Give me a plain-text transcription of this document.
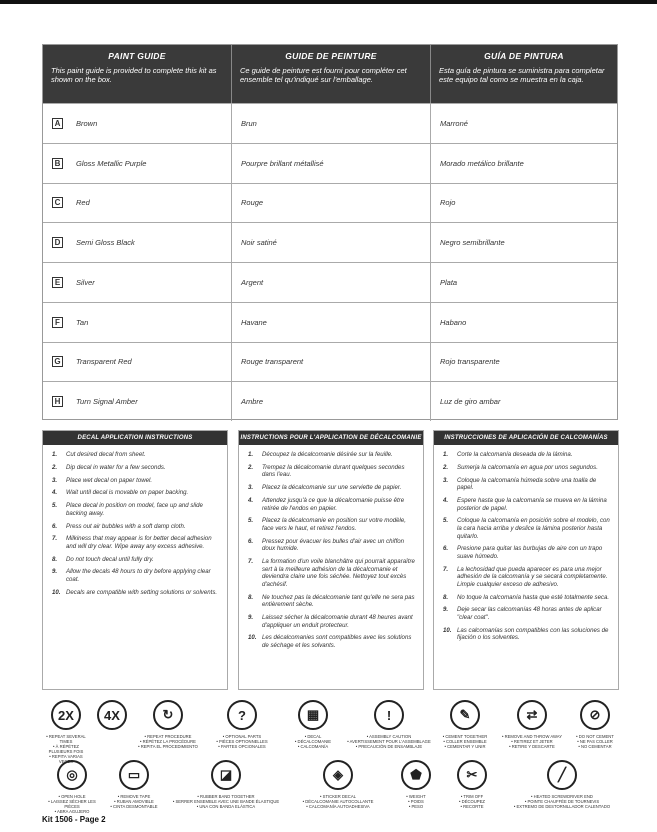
PAINT GUIDE
This paint guide is provided to complete this kit as shown on the box.
GUIDE DE PEINTURE
Ce guide de peinture est fourni pour compléter cet ensemble tel qu'indiqué sur l'emballage.
GUÍA DE PINTURA
Esta guía de pintura se suministra para completar este equipo tal como se muestra en la caja.
A	Brown	Brun	Marroné
B	Gloss Metallic Purple	Pourpre brillant métallisé	Morado metálico brillante
C	Red	Rouge	Rojo
D	Semi Gloss Black	Noir satiné	Negro semibrillante
E	Silver	Argent	Plata
F	Tan	Havane	Habano
G	Transparent Red	Rouge transparent	Rojo transparente
H	Turn Signal Amber	Ambre	Luz de giro ambar
DECAL APPLICATION INSTRUCTIONS
1.	Cut desired decal from sheet.
2.	Dip decal in water for a few seconds.
3.	Place wet decal on paper towel.
4.	Wait until decal is movable on paper backing.
5.	Place decal in position on model, face up and slide backing away.
6.	Press out air bubbles with a soft damp cloth.
7.	Milkiness that may appear is for better decal adhesion and will dry clear. Wipe away any excess adhesive.
8.	Do not touch decal until fully dry.
9.	Allow the decals 48 hours to dry before applying clear coat.
10. Decals are compatible with setting solutions or solvents.
INSTRUCTIONS POUR L'APPLICATION DE DÉCALCOMANIE
1.	Découpez la décalcomanie désirée sur la feuille.
2.	Trempez la décalcomanie durant quelques secondes dans l'eau.
3.	Placez la décalcomanie sur une serviette de papier.
4.	Attendez jusqu'à ce que la décalcomanie puisse être retirée de l'endos en papier.
5.	Placez la décalcomanie en position sur votre modèle, face vers le haut, et retirez l'endos.
6.	Pressez pour évacuer les bulles d'air avec un chiffon doux humide.
7.	La formation d'un voile blanchâtre qui pourrait apparaître sert à la meilleure adhésion de la décalcomanie et deviendra claire une fois séchée. Nettoyez tout excès d'achésif.
8.	Ne touchez pas la décalcomanie tant qu'elle ne sera pas entièrement sèche.
9.	Laissez sécher la décalcomanie durant 48 heures avant d'appliquer un enduit protecteur.
10. Les décalcomanies sont compatibles avec les solutions de séchage et les solvants.
INSTRUCCIONES DE APLICACIÓN DE CALCOMANÍAS
1.	Corte la calcomanía deseada de la lámina.
2.	Sumerja la calcomanía en agua por unos segundos.
3.	Coloque la calcomanía húmeda sobre una toalla de papel.
4.	Espere hasta que la calcomanía se mueva en la lámina posterior de papel.
5.	Coloque la calcomanía en posición sobre el modelo, con la cara hacia arriba y deslice la lámina posterior hasta quitarlo.
6.	Presione para quitar las burbujas de aire con un trapo suave húmedo.
7.	La lechosidad que pueda aparecer es para una mejor adhesión de la calcomanía y se secará completamente. Limpie cualquier exceso de adhesivo.
8.	No toque la calcomanía hasta que esté totalmente seca.
9.	Deje secar las calcomanías 48 horas antes de aplicar "clear coat".
10. Las calcomanías son compatibles con las soluciones de fijación o los solventes.
2X
• REPEAT SEVERAL TIMES
• À RÉPÉTEZ PLUSIEURS FOIS
• REPITA VARIAS VECES
4X	↻
• REPEAT PROCEDURE
• RÉPÉTEZ LA PROCÉDURE
• REPITA EL PROCEDIMIENTO
?
• OPTIONAL PARTS
• PIÈCES OPTIONNELLES
• PARTES OPCIONALES
▦
• DECAL
• DÉCALCOMANIE
• CALCOMANÍA
!
• ASSEMBLY CAUTION
• AVERTISSEMENT POUR L'ASSEMBLAGE
• PRECAUCIÓN DE ENSAMBLAJE
✎
• CEMENT TOGETHER
• COLLER ENSEMBLE
• CEMENTAR Y UNIR
⇄
• REMOVE AND THROW AWAY
• RETIREZ ET JETER
• RETIRE Y DESCARTE
⊘
• DO NOT CEMENT
• NE PAS COLLER
• NO CEMENTAR
◎
• OPEN HOLE
• LAISSEZ SÉCHER LES PIÈCES
• ABRA AGUJERO
▭
• REMOVE TAPE
• RUBAN AMOVIBLE
• CINTA DESMONTABLE
◪
• RUBBER BAND TOGETHER
• SERRER ENSEMBLE AVEC UNE BANDE ÉLASTIQUE
• UNA CON BANDA ELÁSTICA
◈
• STICKER DECAL
• DÉCALCOMANIE AUTOCOLLANTE
• CALCOMANÍA AUTOADHESIVA
⬟
• WEIGHT
• POIDS
• PESO
✂
• TRIM OFF
• DÉCOUPEZ
• RECORTE
╱
• HEATED SCREWDRIVER END
• POINTE CHAUFFÉE DE TOURNEVIS
• EXTREMO DE DESTORNILLADOR CALENTADO
Kit 1506 - Page 2
